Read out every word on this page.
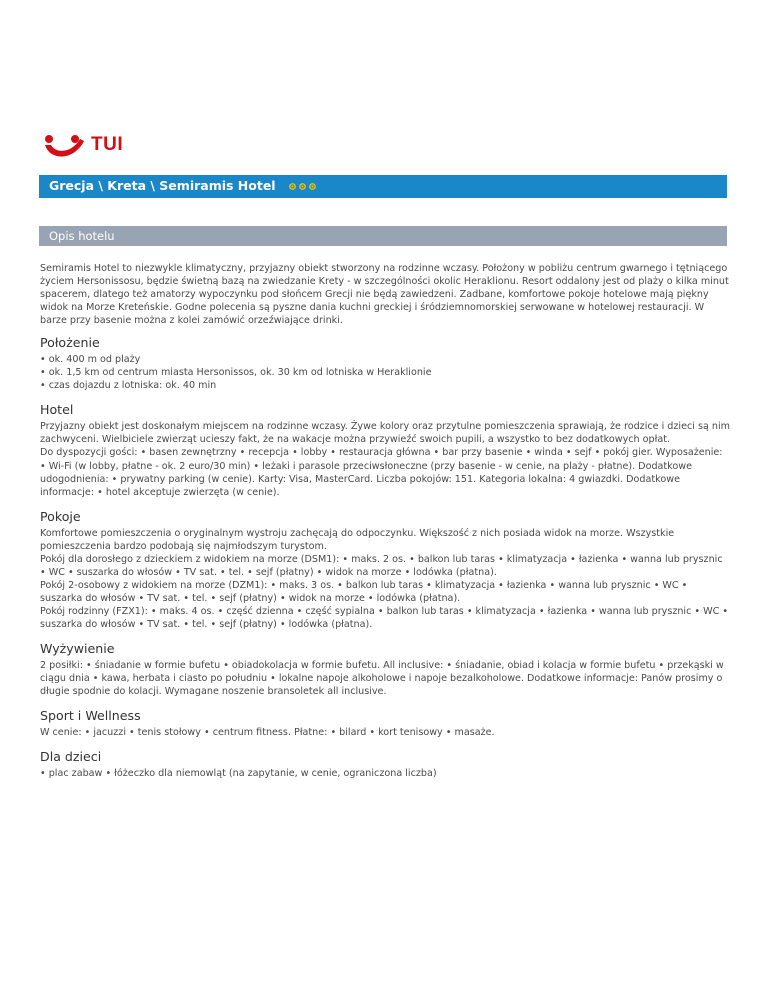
TUI
Grecja \ Kreta \ Semiramis Hotel
Opis hotelu

Semiramis Hotel to niezwykle klimatyczny, przyjazny obiekt stworzony na rodzinne wczasy. Położony w pobliżu centrum gwarnego i tętniącego życiem Hersonissosu, będzie świetną bazą na zwiedzanie Krety - w szczególności okolic Heraklionu. Resort oddalony jest od plaży o kilka minut spacerem, dlatego też amatorzy wypoczynku pod słońcem Grecji nie będą zawiedzeni. Zadbane, komfortowe pokoje hotelowe mają piękny widok na Morze Kreteńskie. Godne polecenia są pyszne dania kuchni greckiej i śródziemnomorskiej serwowane w hotelowej restauracji. W barze przy basenie można z kolei zamówić orzeźwiające drinki.

Położenie

• ok. 400 m od plaży

• ok. 1,5 km od centrum miasta Hersonissos, ok. 30 km od lotniska w Heraklionie

• czas dojazdu z lotniska: ok. 40 min

Hotel

Przyjazny obiekt jest doskonałym miejscem na rodzinne wczasy. Żywe kolory oraz przytulne pomieszczenia sprawiają, że rodzice i dzieci są nim zachwyceni. Wielbiciele zwierząt ucieszy fakt, że na wakacje można przywieźć swoich pupili, a wszystko to bez dodatkowych opłat.
Do dyspozycji gości: • basen zewnętrzny • recepcja • lobby • restauracja główna • bar przy basenie • winda • sejf • pokój gier. Wyposażenie: • Wi-Fi (w lobby, płatne - ok. 2 euro/30 min) • leżaki i parasole przeciwsłoneczne (przy basenie - w cenie, na plaży - płatne). Dodatkowe udogodnienia: • prywatny parking (w cenie). Karty: Visa, MasterCard. Liczba pokojów: 151. Kategoria lokalna: 4 gwiazdki. Dodatkowe informacje: • hotel akceptuje zwierzęta (w cenie).

Pokoje

Komfortowe pomieszczenia o oryginalnym wystroju zachęcają do odpoczynku. Większość z nich posiada widok na morze. Wszystkie pomieszczenia bardzo podobają się najmłodszym turystom.
Pokój dla dorosłego z dzieckiem z widokiem na morze (DSM1): • maks. 2 os. • balkon lub taras • klimatyzacja • łazienka • wanna lub prysznic • WC • suszarka do włosów • TV sat. • tel. • sejf (płatny) • widok na morze • lodówka (płatna).
Pokój 2-osobowy z widokiem na morze (DZM1): • maks. 3 os. • balkon lub taras • klimatyzacja • łazienka • wanna lub prysznic • WC • suszarka do włosów • TV sat. • tel. • sejf (płatny) • widok na morze • lodówka (płatna).
Pokój rodzinny (FZX1): • maks. 4 os. • część dzienna • część sypialna • balkon lub taras • klimatyzacja • łazienka • wanna lub prysznic • WC • suszarka do włosów • TV sat. • tel. • sejf (płatny) • lodówka (płatna).

Wyżywienie

2 posiłki: • śniadanie w formie bufetu • obiadokolacja w formie bufetu. All inclusive: • śniadanie, obiad i kolacja w formie bufetu • przekąski w ciągu dnia • kawa, herbata i ciasto po południu • lokalne napoje alkoholowe i napoje bezalkoholowe. Dodatkowe informacje: Panów prosimy o długie spodnie do kolacji. Wymagane noszenie bransoletek all inclusive.

Sport i Wellness

W cenie: • jacuzzi • tenis stołowy • centrum fitness. Płatne: • bilard • kort tenisowy • masaże.

Dla dzieci

• plac zabaw • łóżeczko dla niemowląt (na zapytanie, w cenie, ograniczona liczba)
